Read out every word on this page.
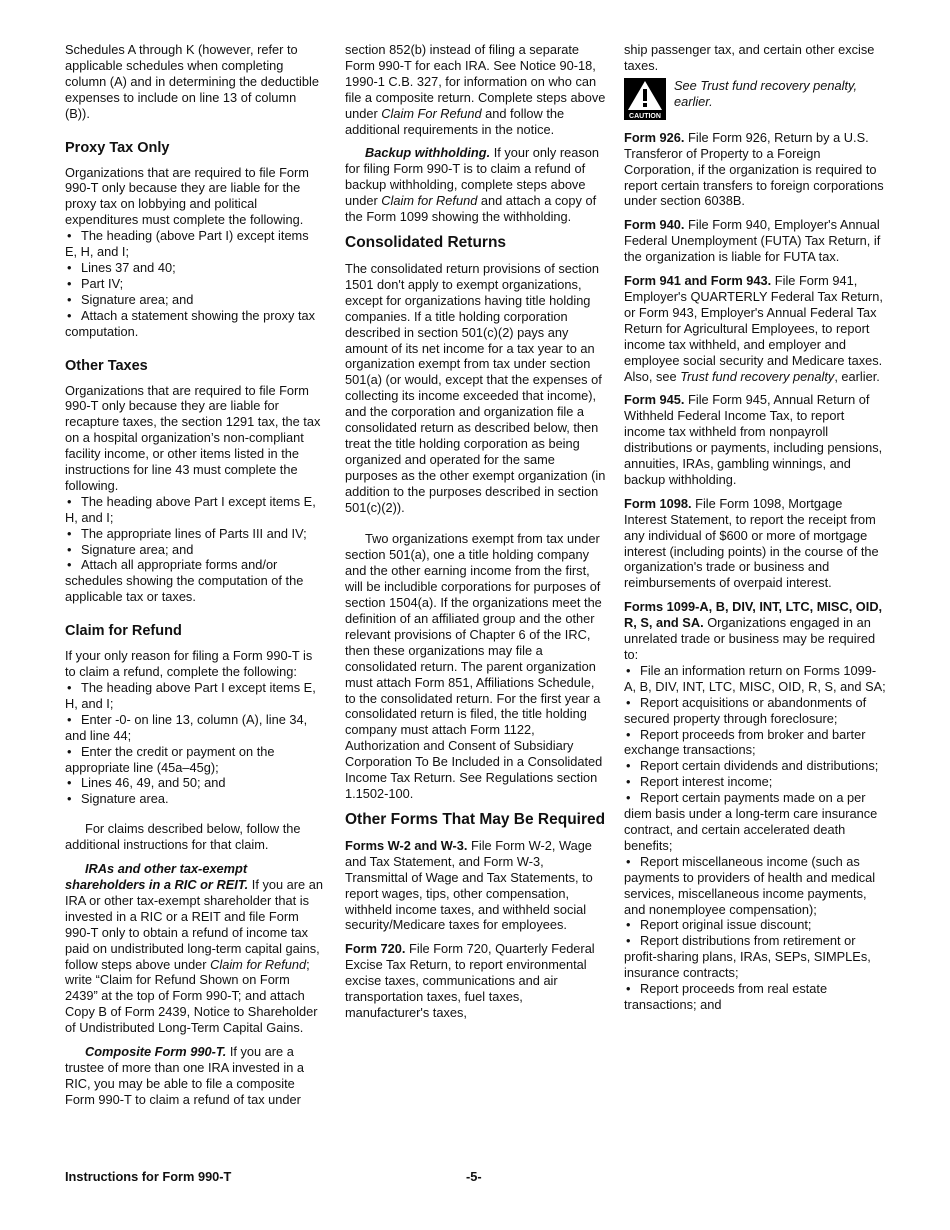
Schedules A through K (however, refer to applicable schedules when completing column (A) and in determining the deductible expenses to include on line 13 of column (B)).

Proxy Tax Only

Organizations that are required to file Form 990-T only because they are liable for the proxy tax on lobbying and political expenditures must complete the following.

• The heading (above Part I) except items E, H, and I;
• Lines 37 and 40;
• Part IV;
• Signature area; and
• Attach a statement showing the proxy tax computation.
Other Taxes

Organizations that are required to file Form 990-T only because they are liable for recapture taxes, the section 1291 tax, the tax on a hospital organization’s non-compliant facility income, or other items listed in the instructions for line 43 must complete the following.

• The heading above Part I except items E, H, and I;
• The appropriate lines of Parts III and IV;
• Signature area; and
• Attach all appropriate forms and/or schedules showing the computation of the applicable tax or taxes.
Claim for Refund

If your only reason for filing a Form 990-T is to claim a refund, complete the following:

• The heading above Part I except items E, H, and I;
• Enter -0- on line 13, column (A), line 34, and line 44;
• Enter the credit or payment on the appropriate line (45a–45g);
• Lines 46, 49, and 50; and
• Signature area.

For claims described below, follow the additional instructions for that claim.

IRAs and other tax-exempt shareholders in a RIC or REIT. If you are an IRA or other tax-exempt shareholder that is invested in a RIC or a REIT and file Form 990-T only to obtain a refund of income tax paid on undistributed long-term capital gains, follow steps above under Claim for Refund; write “Claim for Refund Shown on Form 2439” at the top of Form 990-T; and attach Copy B of Form 2439, Notice to Shareholder of Undistributed Long-Term Capital Gains.

Composite Form 990-T. If you are a trustee of more than one IRA invested in a RIC, you may be able to file a composite Form 990-T to claim a refund of tax under

section 852(b) instead of filing a separate Form 990-T for each IRA. See Notice 90-18, 1990-1 C.B. 327, for information on who can file a composite return. Complete steps above under Claim For Refund and follow the additional requirements in the notice.

Backup withholding. If your only reason for filing Form 990-T is to claim a refund of backup withholding, complete steps above under Claim for Refund and attach a copy of the Form 1099 showing the withholding.

Consolidated Returns

The consolidated return provisions of section 1501 don't apply to exempt organizations, except for organizations having title holding companies. If a title holding corporation described in section 501(c)(2) pays any amount of its net income for a tax year to an organization exempt from tax under section 501(a) (or would, except that the expenses of collecting its income exceeded that income), and the corporation and organization file a consolidated return as described below, then treat the title holding corporation as being organized and operated for the same purposes as the other exempt organization (in addition to the purposes described in section 501(c)(2)).

Two organizations exempt from tax under section 501(a), one a title holding company and the other earning income from the first, will be includible corporations for purposes of section 1504(a). If the organizations meet the definition of an affiliated group and the other relevant provisions of Chapter 6 of the IRC, then these organizations may file a consolidated return. The parent organization must attach Form 851, Affiliations Schedule, to the consolidated return. For the first year a consolidated return is filed, the title holding company must attach Form 1122, Authorization and Consent of Subsidiary Corporation To Be Included in a Consolidated Income Tax Return. See Regulations section 1.1502-100.

Other Forms That May Be Required

Forms W-2 and W-3. File Form W-2, Wage and Tax Statement, and Form W-3, Transmittal of Wage and Tax Statements, to report wages, tips, other compensation, withheld income taxes, and withheld social security/Medicare taxes for employees.

Form 720. File Form 720, Quarterly Federal Excise Tax Return, to report environmental excise taxes, communications and air transportation taxes, fuel taxes, manufacturer's taxes,

ship passenger tax, and certain other excise taxes.

CAUTION
See Trust fund recovery penalty, earlier.

Form 926. File Form 926, Return by a U.S. Transferor of Property to a Foreign Corporation, if the organization is required to report certain transfers to foreign corporations under section 6038B.

Form 940. File Form 940, Employer's Annual Federal Unemployment (FUTA) Tax Return, if the organization is liable for FUTA tax.

Form 941 and Form 943. File Form 941, Employer's QUARTERLY Federal Tax Return, or Form 943, Employer's Annual Federal Tax Return for Agricultural Employees, to report income tax withheld, and employer and employee social security and Medicare taxes. Also, see Trust fund recovery penalty, earlier.

Form 945. File Form 945, Annual Return of Withheld Federal Income Tax, to report income tax withheld from nonpayroll distributions or payments, including pensions, annuities, IRAs, gambling winnings, and backup withholding.

Form 1098. File Form 1098, Mortgage Interest Statement, to report the receipt from any individual of $600 or more of mortgage interest (including points) in the course of the organization's trade or business and reimbursements of overpaid interest.

Forms 1099-A, B, DIV, INT, LTC, MISC, OID, R, S, and SA. Organizations engaged in an unrelated trade or business may be required to:

• File an information return on Forms 1099-A, B, DIV, INT, LTC, MISC, OID, R, S, and SA;
• Report acquisitions or abandonments of secured property through foreclosure;
• Report proceeds from broker and barter exchange transactions;
• Report certain dividends and distributions;
• Report interest income;
• Report certain payments made on a per diem basis under a long-term care insurance contract, and certain accelerated death benefits;
• Report miscellaneous income (such as payments to providers of health and medical services, miscellaneous income payments, and nonemployee compensation);
• Report original issue discount;
• Report distributions from retirement or profit-sharing plans, IRAs, SEPs, SIMPLEs, insurance contracts;
• Report proceeds from real estate transactions; and
Instructions for Form 990-T	-5-
